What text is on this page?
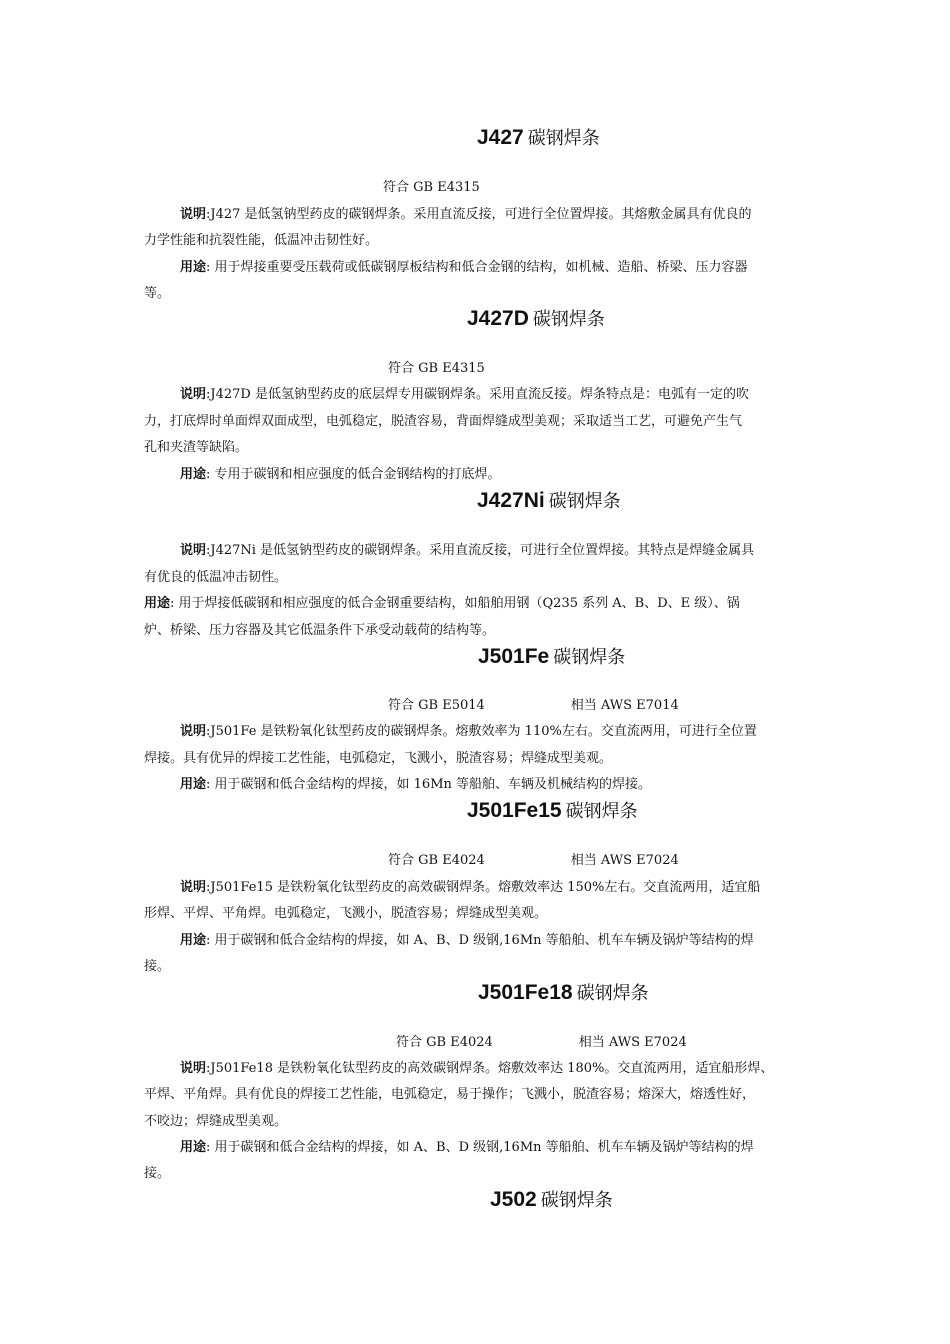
J427 碳钢焊条
符合 GB E4315
说明:J427 是低氢钠型药皮的碳钢焊条。采用直流反接，可进行全位置焊接。其熔敷金属具有优良的
力学性能和抗裂性能，低温冲击韧性好。
用途: 用于焊接重要受压载荷或低碳钢厚板结构和低合金钢的结构，如机械、造船、桥梁、压力容器
等。
J427D 碳钢焊条
符合 GB E4315
说明:J427D 是低氢钠型药皮的底层焊专用碳钢焊条。采用直流反接。焊条特点是：电弧有一定的吹
力，打底焊时单面焊双面成型，电弧稳定，脱渣容易，背面焊缝成型美观；采取适当工艺，可避免产生气
孔和夹渣等缺陷。
用途: 专用于碳钢和相应强度的低合金钢结构的打底焊。
J427Ni 碳钢焊条
说明:J427Ni 是低氢钠型药皮的碳钢焊条。采用直流反接，可进行全位置焊接。其特点是焊缝金属具
有优良的低温冲击韧性。
用途: 用于焊接低碳钢和相应强度的低合金钢重要结构，如船舶用钢（Q235 系列 A、B、D、E 级）、锅
炉、桥梁、压力容器及其它低温条件下承受动载荷的结构等。
J501Fe 碳钢焊条
符合 GB E5014	相当 AWS E7014
说明:J501Fe 是铁粉氧化钛型药皮的碳钢焊条。熔敷效率为 110%左右。交直流两用，可进行全位置
焊接。具有优异的焊接工艺性能，电弧稳定，飞溅小，脱渣容易；焊缝成型美观。
用途: 用于碳钢和低合金结构的焊接，如 16Mn 等船舶、车辆及机械结构的焊接。
J501Fe15 碳钢焊条
符合 GB E4024	相当 AWS E7024
说明:J501Fe15 是铁粉氧化钛型药皮的高效碳钢焊条。熔敷效率达 150%左右。交直流两用，适宜船
形焊、平焊、平角焊。电弧稳定，飞溅小，脱渣容易；焊缝成型美观。
用途: 用于碳钢和低合金结构的焊接，如 A、B、D 级钢,16Mn 等船舶、机车车辆及锅炉等结构的焊
接。
J501Fe18 碳钢焊条
符合 GB E4024	相当 AWS E7024
说明:J501Fe18 是铁粉氧化钛型药皮的高效碳钢焊条。熔敷效率达 180%。交直流两用，适宜船形焊、
平焊、平角焊。具有优良的焊接工艺性能，电弧稳定，易于操作；飞溅小，脱渣容易；熔深大，熔透性好，
不咬边；焊缝成型美观。
用途: 用于碳钢和低合金结构的焊接，如 A、B、D 级钢,16Mn 等船舶、机车车辆及锅炉等结构的焊
接。
J502 碳钢焊条
